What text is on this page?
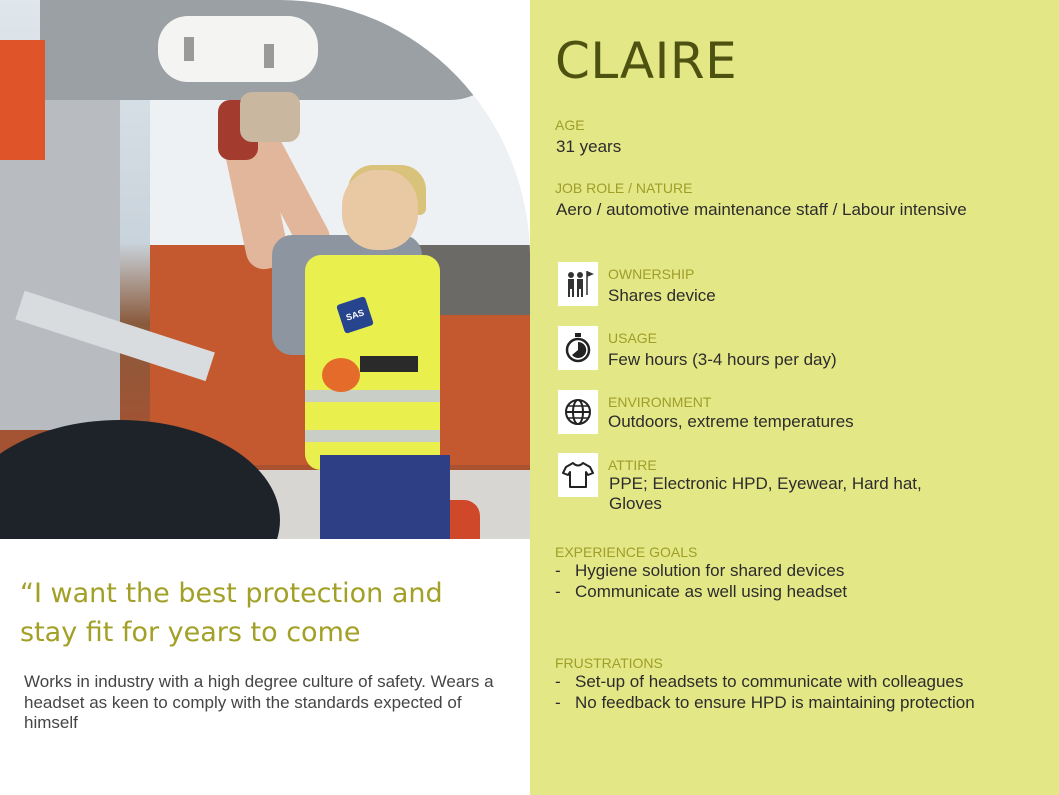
SAS
“I want the best protection and stay fit for years to come
Works in industry with a high degree culture of safety. Wears a headset as keen to comply with the standards expected of himself
CLAIRE
AGE
31 years
JOB ROLE / NATURE
Aero / automotive maintenance staff / Labour intensive
OWNERSHIP
Shares device
USAGE
Few hours (3-4 hours per day)
ENVIRONMENT
Outdoors, extreme temperatures
ATTIRE
PPE; Electronic HPD, Eyewear, Hard hat, Gloves
EXPERIENCE GOALS
- Hygiene solution for shared devices
- Communicate as well using headset
FRUSTRATIONS
- Set-up of headsets to communicate with colleagues
- No feedback to ensure HPD is maintaining protection
